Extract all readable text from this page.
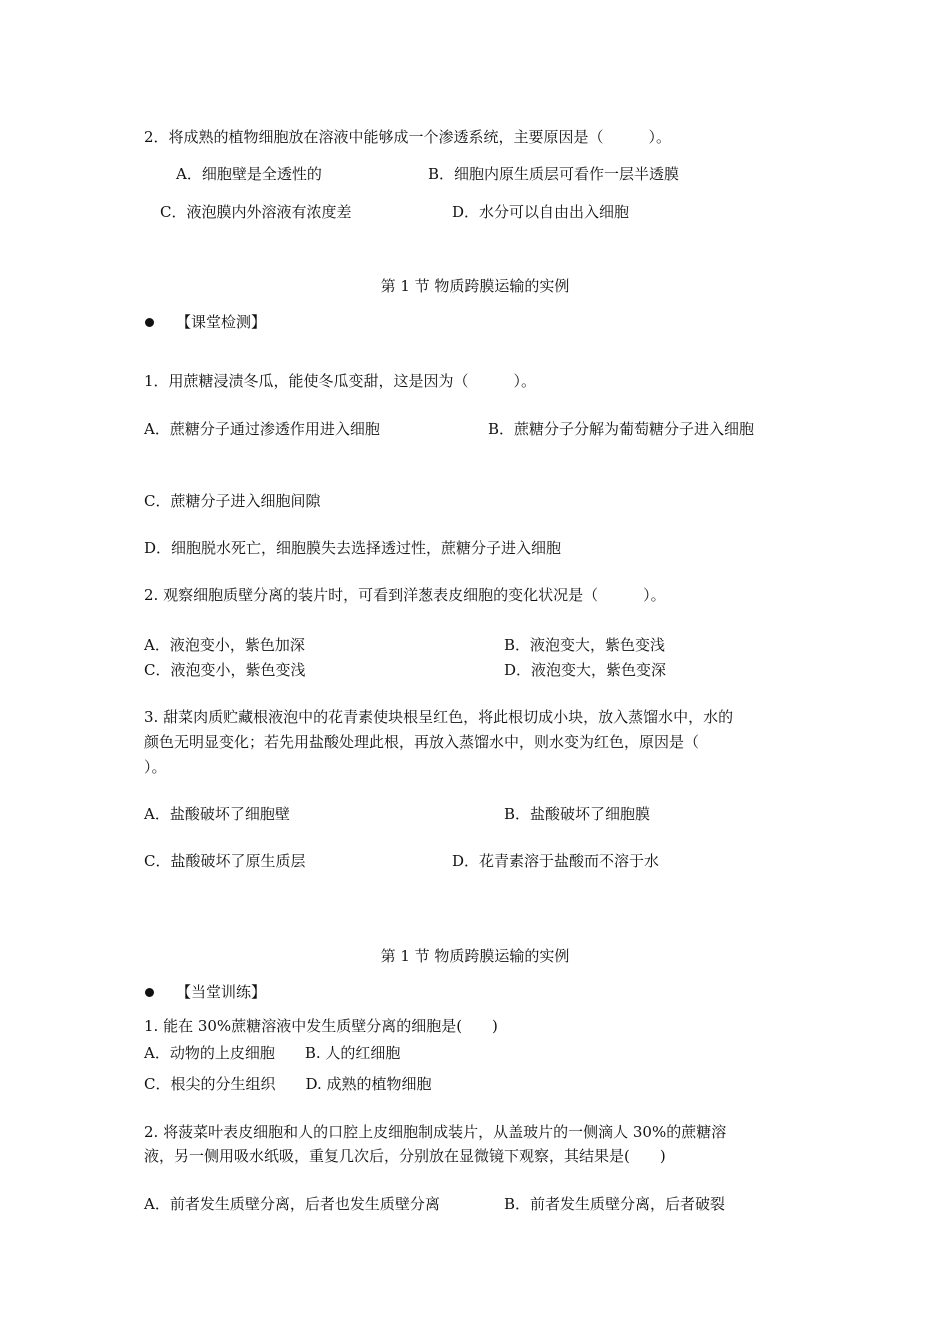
2．将成熟的植物细胞放在溶液中能够成一个渗透系统，主要原因是（　　　）。
A．细胞壁是全透性的	B．细胞内原生质层可看作一层半透膜
C．液泡膜内外溶液有浓度差	D．水分可以自由出入细胞
第 1 节 物质跨膜运输的实例
【课堂检测】
1．用蔗糖浸渍冬瓜，能使冬瓜变甜，这是因为（　　　）。
A．蔗糖分子通过渗透作用进入细胞	B．蔗糖分子分解为葡萄糖分子进入细胞
C．蔗糖分子进入细胞间隙
D．细胞脱水死亡，细胞膜失去选择透过性，蔗糖分子进入细胞
2. 观察细胞质壁分离的装片时，可看到洋葱表皮细胞的变化状况是（　　　）。
A．液泡变小，紫色加深	B．液泡变大，紫色变浅
C．液泡变小，紫色变浅	D．液泡变大，紫色变深
3. 甜菜肉质贮藏根液泡中的花青素使块根呈红色，将此根切成小块，放入蒸馏水中，水的
颜色无明显变化；若先用盐酸处理此根，再放入蒸馏水中，则水变为红色，原因是（
）。
A．盐酸破坏了细胞壁	B．盐酸破坏了细胞膜
C．盐酸破坏了原生质层	D．花青素溶于盐酸而不溶于水
第 1 节 物质跨膜运输的实例
【当堂训练】
1. 能在 30%蔗糖溶液中发生质壁分离的细胞是(　　)
A．动物的上皮细胞　　B. 人的红细胞
C．根尖的分生组织　　D. 成熟的植物细胞
2. 将菠菜叶表皮细胞和人的口腔上皮细胞制成装片，从盖玻片的一侧滴人 30%的蔗糖溶
液，另一侧用吸水纸吸，重复几次后，分别放在显微镜下观察，其结果是(　　)
A．前者发生质壁分离，后者也发生质壁分离	B．前者发生质壁分离，后者破裂
